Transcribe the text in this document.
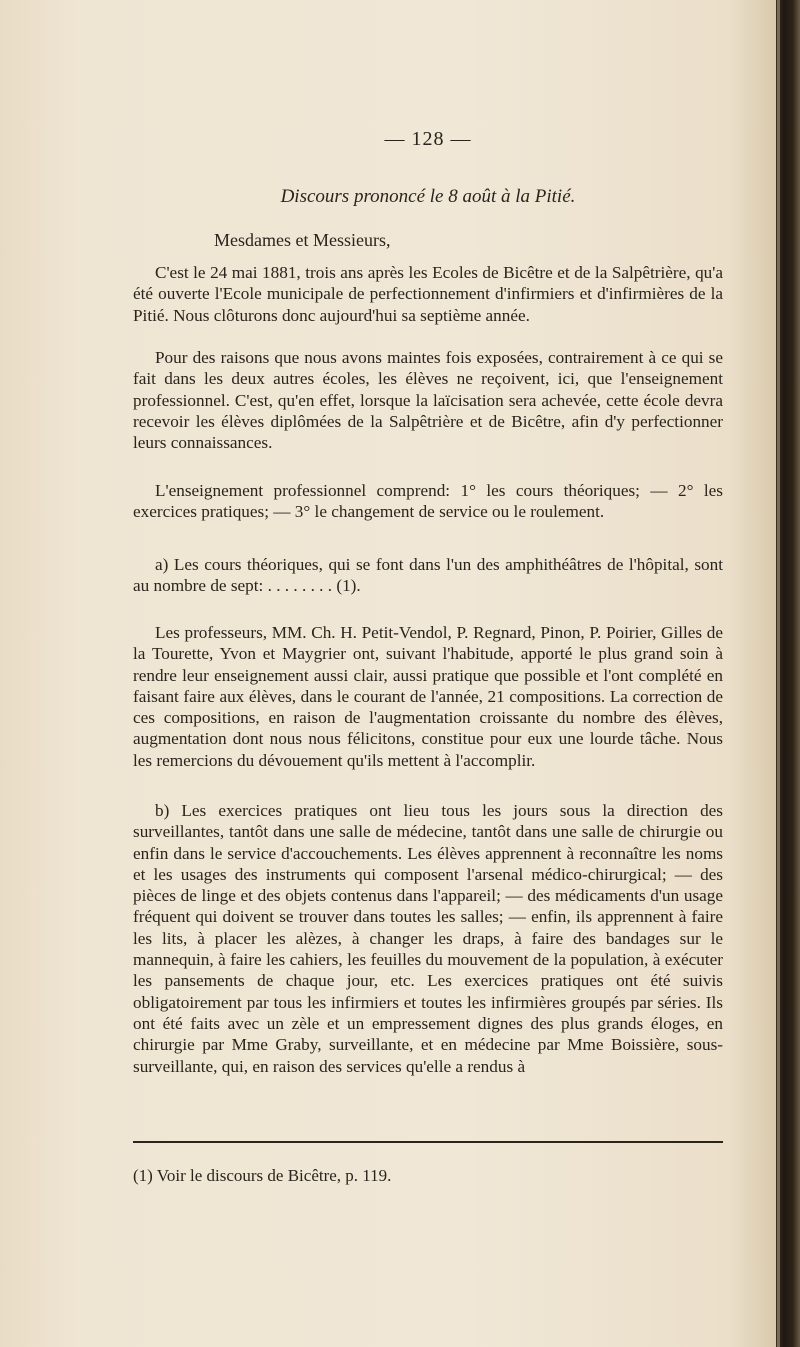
— 128 —
Discours prononcé le 8 août à la Pitié.
Mesdames et Messieurs,
C'est le 24 mai 1881, trois ans après les Ecoles de Bicêtre et de la Salpêtrière, qu'a été ouverte l'Ecole municipale de perfectionnement d'infirmiers et d'infirmières de la Pitié. Nous clôturons donc aujourd'hui sa septième année.
Pour des raisons que nous avons maintes fois exposées, contrairement à ce qui se fait dans les deux autres écoles, les élèves ne reçoivent, ici, que l'enseignement professionnel. C'est, qu'en effet, lorsque la laïcisation sera achevée, cette école devra recevoir les élèves diplômées de la Salpêtrière et de Bicêtre, afin d'y perfectionner leurs connaissances.
L'enseignement professionnel comprend: 1° les cours théoriques; — 2° les exercices pratiques; — 3° le changement de service ou le roulement.
a) Les cours théoriques, qui se font dans l'un des amphithéâtres de l'hôpital, sont au nombre de sept: . . . . . . . . (1).
Les professeurs, MM. Ch. H. Petit-Vendol, P. Regnard, Pinon, P. Poirier, Gilles de la Tourette, Yvon et Maygrier ont, suivant l'habitude, apporté le plus grand soin à rendre leur enseignement aussi clair, aussi pratique que possible et l'ont complété en faisant faire aux élèves, dans le courant de l'année, 21 compositions. La correction de ces compositions, en raison de l'augmentation croissante du nombre des élèves, augmentation dont nous nous félicitons, constitue pour eux une lourde tâche. Nous les remercions du dévouement qu'ils mettent à l'accomplir.
b) Les exercices pratiques ont lieu tous les jours sous la direction des surveillantes, tantôt dans une salle de médecine, tantôt dans une salle de chirurgie ou enfin dans le service d'accouchements. Les élèves apprennent à reconnaître les noms et les usages des instruments qui composent l'arsenal médico-chirurgical; — des pièces de linge et des objets contenus dans l'appareil; — des médicaments d'un usage fréquent qui doivent se trouver dans toutes les salles; — enfin, ils apprennent à faire les lits, à placer les alèzes, à changer les draps, à faire des bandages sur le mannequin, à faire les cahiers, les feuilles du mouvement de la population, à exécuter les pansements de chaque jour, etc. Les exercices pratiques ont été suivis obligatoirement par tous les infirmiers et toutes les infirmières groupés par séries. Ils ont été faits avec un zèle et un empressement dignes des plus grands éloges, en chirurgie par Mme Graby, surveillante, et en médecine par Mme Boissière, sous-surveillante, qui, en raison des services qu'elle a rendus à
(1) Voir le discours de Bicêtre, p. 119.
